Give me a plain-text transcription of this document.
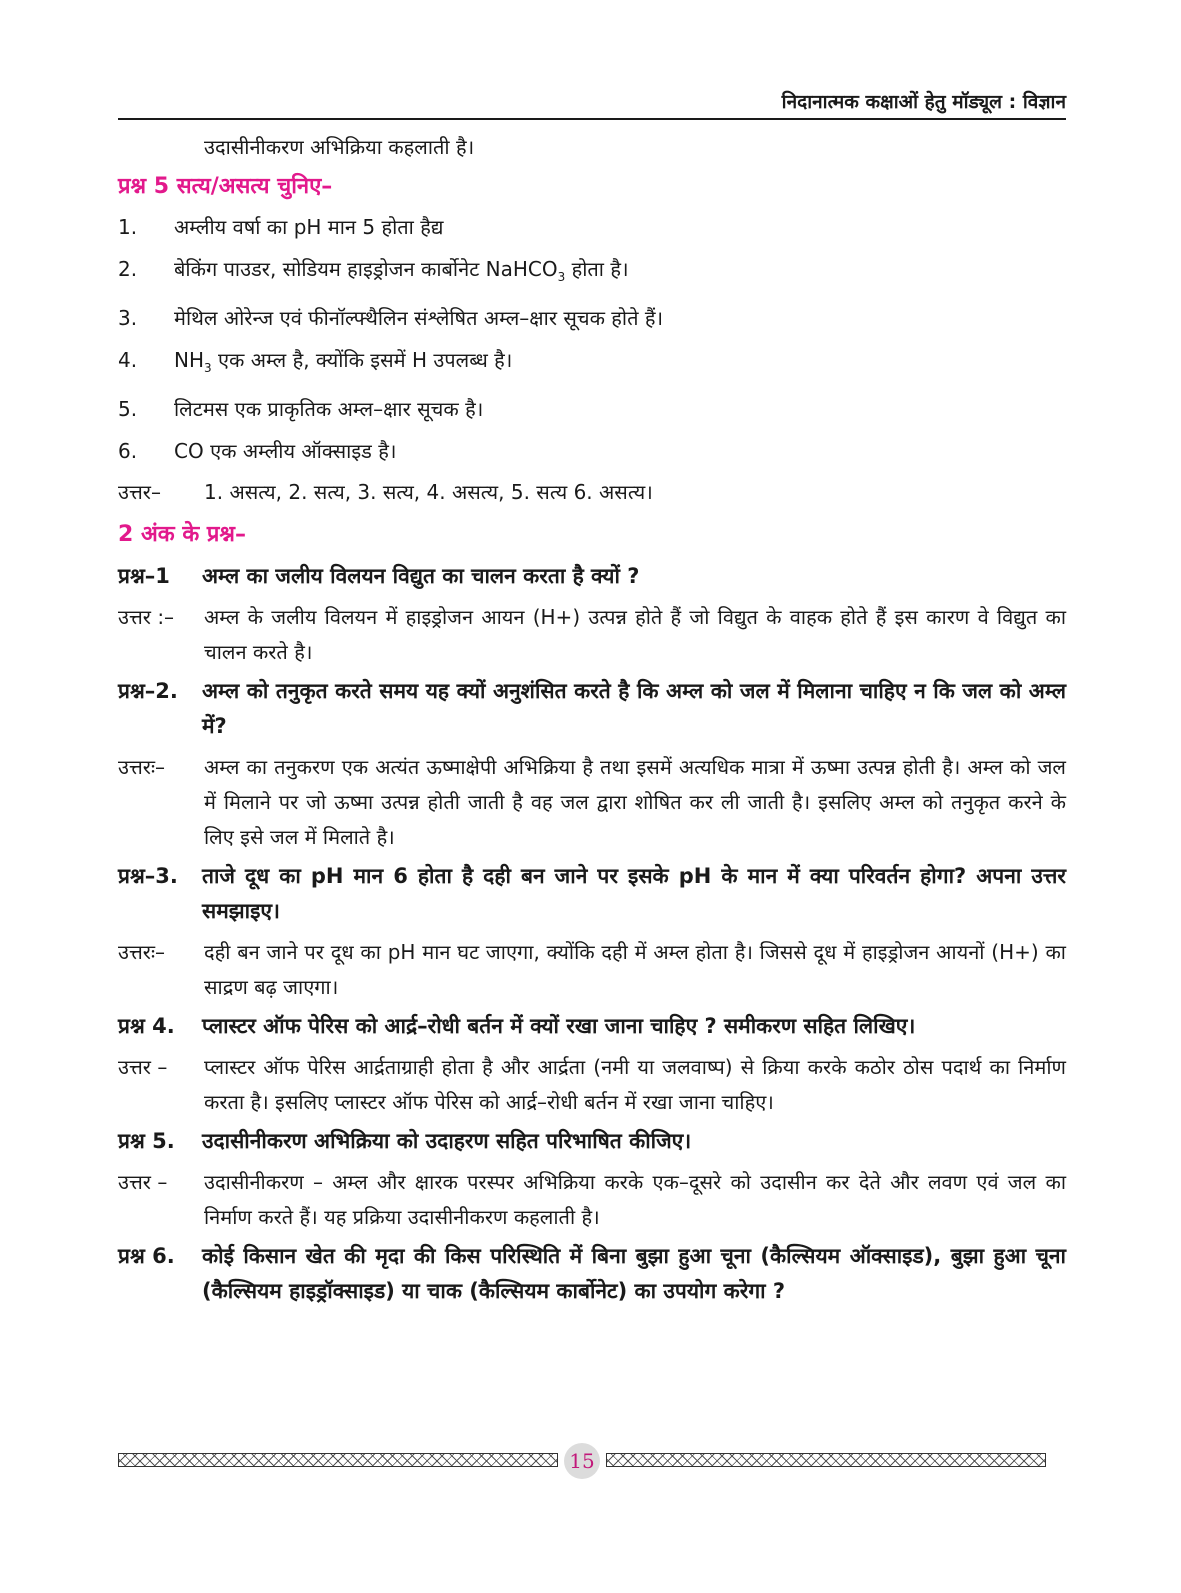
निदानात्मक कक्षाओं हेतु मॉड्यूल : विज्ञान
उदासीनीकरण अभिक्रिया कहलाती है।
प्रश्न 5 सत्य/असत्य चुनिए–
1.	अम्लीय वर्षा का pH मान 5 होता हैद्य
2.	बेकिंग पाउडर, सोडियम हाइड्रोजन कार्बोनेट NaHCO$_3$ होता है।
3.	मेथिल ओरेन्ज एवं फीनॉल्फ्थैलिन संश्लेषित अम्ल–क्षार सूचक होते हैं।
4.	$NH_3$ एक अम्ल है, क्योंकि इसमें H उपलब्ध है।
5.	लिटमस एक प्राकृतिक अम्ल–क्षार सूचक है।
6.	CO एक अम्लीय ऑक्साइड है।
उत्तर–	1. असत्य, 2. सत्य, 3. सत्य, 4. असत्य, 5. सत्य 6. असत्य।
2 अंक के प्रश्न–
प्रश्न–1	अम्ल का जलीय विलयन विद्युत का चालन करता है क्यों ?
उत्तर :–	अम्ल के जलीय विलयन में हाइड्रोजन आयन (H+) उत्पन्न होते हैं जो विद्युत के वाहक होते हैं इस कारण वे विद्युत का चालन करते है।
प्रश्न–2.	अम्ल को तनुकृत करते समय यह क्यों अनुशंसित करते है कि अम्ल को जल में मिलाना चाहिए न कि जल को अम्ल में?
उत्तरः–	अम्ल का तनुकरण एक अत्यंत ऊष्माक्षेपी अभिक्रिया है तथा इसमें अत्यधिक मात्रा में ऊष्मा उत्पन्न होती है। अम्ल को जल में मिलाने पर जो ऊष्मा उत्पन्न होती जाती है वह जल द्वारा शोषित कर ली जाती है। इसलिए अम्ल को तनुकृत करने के लिए इसे जल में मिलाते है।
प्रश्न–3.	ताजे दूध का pH मान 6 होता है दही बन जाने पर इसके pH के मान में क्या परिवर्तन होगा? अपना उत्तर समझाइए।
उत्तरः–	दही बन जाने पर दूध का pH मान घट जाएगा, क्योंकि दही में अम्ल होता है। जिससे दूध में हाइड्रोजन आयनों (H+) का साद्रण बढ़ जाएगा।
प्रश्न 4.	प्लास्टर ऑफ पेरिस को आर्द्र–रोधी बर्तन में क्यों रखा जाना चाहिए ? समीकरण सहित लिखिए।
उत्तर –	प्लास्टर ऑफ पेरिस आर्द्रताग्राही होता है और आर्द्रता (नमी या जलवाष्प) से क्रिया करके कठोर ठोस पदार्थ का निर्माण करता है। इसलिए प्लास्टर ऑफ पेरिस को आर्द्र–रोधी बर्तन में रखा जाना चाहिए।
प्रश्न 5.	उदासीनीकरण अभिक्रिया को उदाहरण सहित परिभाषित कीजिए।
उत्तर –	उदासीनीकरण – अम्ल और क्षारक परस्पर अभिक्रिया करके एक–दूसरे को उदासीन कर देते और लवण एवं जल का निर्माण करते हैं। यह प्रक्रिया उदासीनीकरण कहलाती है।
प्रश्न 6.	कोई किसान खेत की मृदा की किस परिस्थिति में बिना बुझा हुआ चूना (कैल्सियम ऑक्साइड), बुझा हुआ चूना (कैल्सियम हाइड्रॉक्साइड) या चाक (कैल्सियम कार्बोनेट) का उपयोग करेगा ?
15
